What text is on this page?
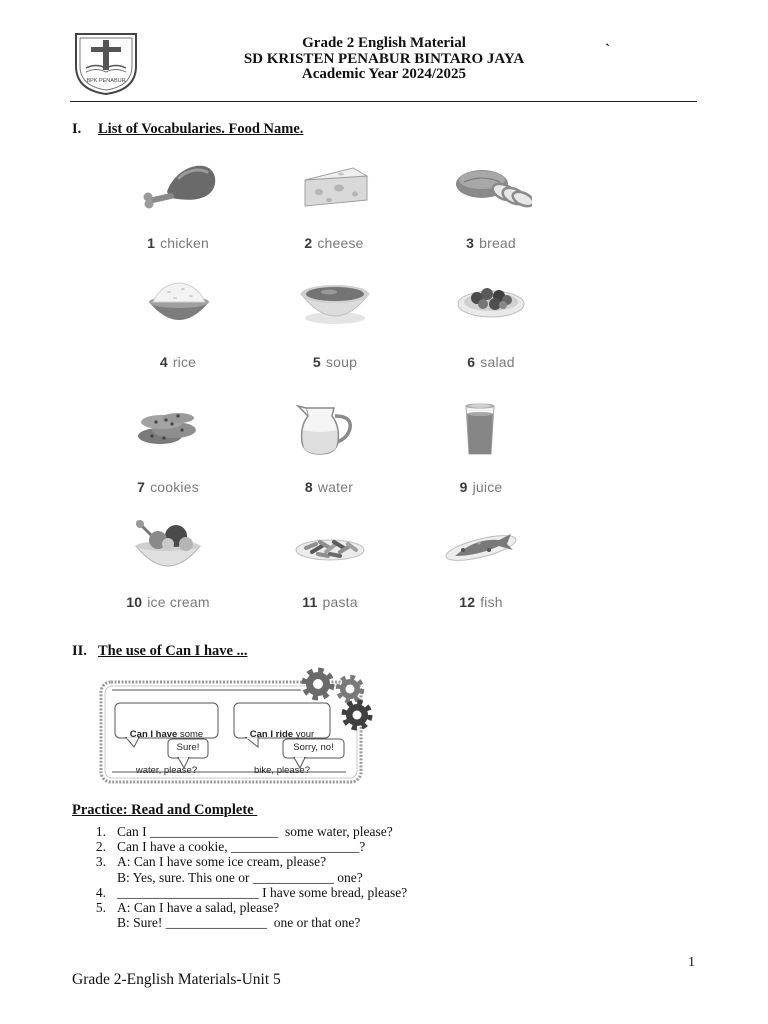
BPK PENABUR
Grade 2 English Material
SD KRISTEN PENABUR BINTARO JAYA
Academic Year 2024/2025
`
I. List of Vocabularies. Food Name.
1 chicken	2 cheese	3 bread
4 rice	5 soup	6 salad
7 cookies	8 water	9 juice
10 ice cream	11 pasta	12 fish
II. The use of Can I have ...

Can I have some

water, please?

Can I ride your

bike, please?

Sure!	Sorry, no!
Practice: Read and Complete
1. Can I ___________________  some water, please?
2. Can I have a cookie, ___________________?
3. A: Can I have some ice cream, please?
B: Yes, sure. This one or ____________ one?
4. _____________________ I have some bread, please?
5. A: Can I have a salad, please?
B: Sure! _______________  one or that one?
1
Grade 2-English Materials-Unit 5
